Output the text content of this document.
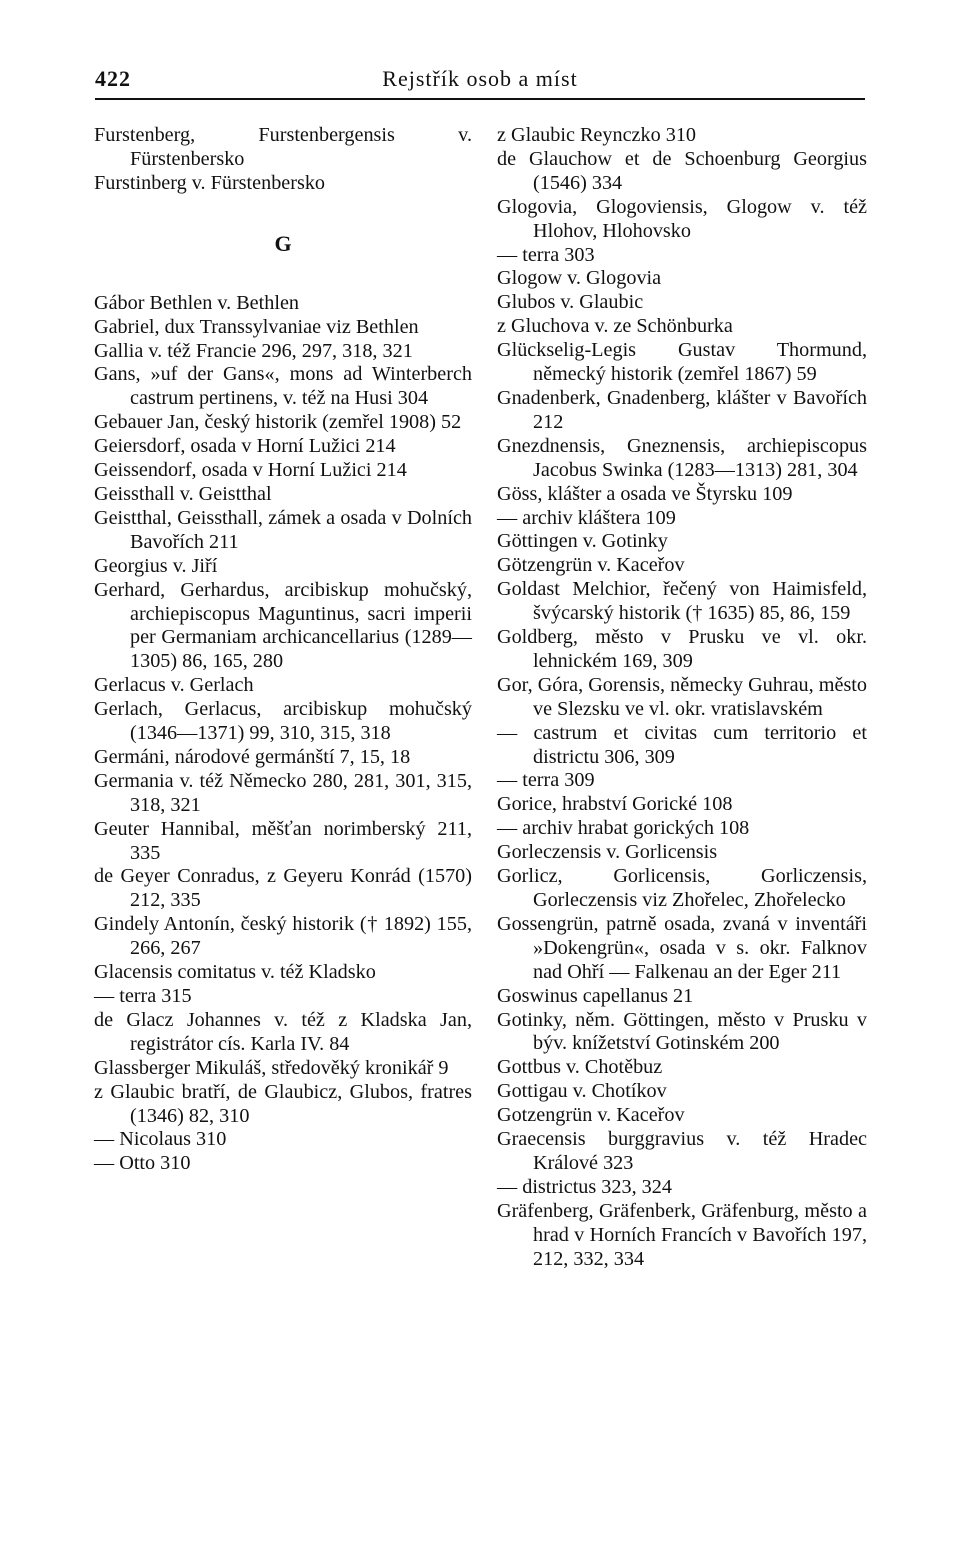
422	Rejstřík osob a míst
Furstenberg, Furstenbergensis v. Fürstenbersko
Furstinberg v. Fürstenbersko
G
Gábor Bethlen v. Bethlen
Gabriel, dux Transsylvaniae viz Bethlen
Gallia v. též Francie 296, 297, 318, 321
Gans, »uf der Gans«, mons ad Winterberch castrum pertinens, v. též na Husi 304
Gebauer Jan, český historik (zemřel 1908) 52
Geiersdorf, osada v Horní Lužici 214
Geissendorf, osada v Horní Lužici 214
Geissthall v. Geistthal
Geistthal, Geissthall, zámek a osada v Dolních Bavořích 211
Georgius v. Jiří
Gerhard, Gerhardus, arcibiskup mohučský, archiepiscopus Maguntinus, sacri imperii per Germaniam archicancellarius (1289—1305) 86, 165, 280
Gerlacus v. Gerlach
Gerlach, Gerlacus, arcibiskup mohučský (1346—1371) 99, 310, 315, 318
Germáni, národové germánští 7, 15, 18
Germania v. též Německo 280, 281, 301, 315, 318, 321
Geuter Hannibal, měšťan norimberský 211, 335
de Geyer Conradus, z Geyeru Konrád (1570) 212, 335
Gindely Antonín, český historik († 1892) 155, 266, 267
Glacensis comitatus v. též Kladsko
— terra 315
de Glacz Johannes v. též z Kladska Jan, registrátor cís. Karla IV. 84
Glassberger Mikuláš, středověký kronikář 9
z Glaubic bratří, de Glaubicz, Glubos, fratres (1346) 82, 310
— Nicolaus 310
— Otto 310
z Glaubic Reynczko 310
de Glauchow et de Schoenburg Georgius (1546) 334
Glogovia, Glogoviensis, Glogow v. též Hlohov, Hlohovsko
— terra 303
Glogow v. Glogovia
Glubos v. Glaubic
z Gluchova v. ze Schönburka
Glückselig-Legis Gustav Thormund, německý historik (zemřel 1867) 59
Gnadenberk, Gnadenberg, klášter v Bavořích 212
Gnezdnensis, Gneznensis, archiepiscopus Jacobus Swinka (1283—1313) 281, 304
Göss, klášter a osada ve Štyrsku 109
— archiv kláštera 109
Göttingen v. Gotinky
Götzengrün v. Kaceřov
Goldast Melchior, řečený von Haimisfeld, švýcarský historik († 1635) 85, 86, 159
Goldberg, město v Prusku ve vl. okr. lehnickém 169, 309
Gor, Góra, Gorensis, německy Guhrau, město ve Slezsku ve vl. okr. vratislavském
— castrum et civitas cum territorio et districtu 306, 309
— terra 309
Gorice, hrabství Gorické 108
— archiv hrabat gorických 108
Gorleczensis v. Gorlicensis
Gorlicz, Gorlicensis, Gorliczensis, Gorleczensis viz Zhořelec, Zhořelecko
Gossengrün, patrně osada, zvaná v inventáři »Dokengrün«, osada v s. okr. Falknov nad Ohří — Falkenau an der Eger 211
Goswinus capellanus 21
Gotinky, něm. Göttingen, město v Prusku v býv. knížetství Gotinském 200
Gottbus v. Chotěbuz
Gottigau v. Chotíkov
Gotzengrün v. Kaceřov
Graecensis burggravius v. též Hradec Králové 323
— districtus 323, 324
Gräfenberg, Gräfenberk, Gräfenburg, město a hrad v Horních Francích v Bavořích 197, 212, 332, 334
